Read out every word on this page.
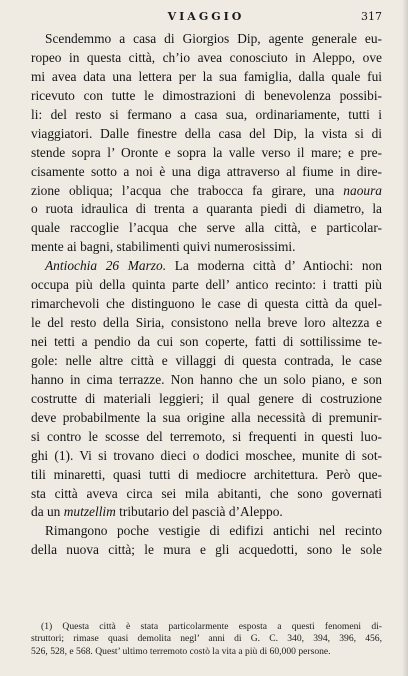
VIAGGIO	317
Scendemmo a casa di Giorgios Dip, agente generale eu-
ropeo in questa città, ch’io avea conosciuto in Aleppo, ove
mi avea data una lettera per la sua famiglia, dalla quale fui
ricevuto con tutte le dimostrazioni di benevolenza possibi-
li: del resto si fermano a casa sua, ordinariamente, tutti i
viaggiatori. Dalle finestre della casa del Dip, la vista si di
stende sopra l’ Oronte e sopra la valle verso il mare; e pre-
cisamente sotto a noi è una diga attraverso al fiume in dire-
zione obliqua; l’acqua che trabocca fa girare, una naoura
o ruota idraulica di trenta a quaranta piedi di diametro, la
quale raccoglie l’acqua che serve alla città, e particolar-
mente ai bagni, stabilimenti quivi numerosissimi.
Antiochia 26 Marzo. La moderna città d’ Antiochi: non
occupa più della quinta parte dell’ antico recinto: i tratti più
rimarchevoli che distinguono le case di questa città da quel-
le del resto della Siria, consistono nella breve loro altezza e
nei tetti a pendio da cui son coperte, fatti di sottilissime te-
gole: nelle altre città e villaggi di questa contrada, le case
hanno in cima terrazze. Non hanno che un solo piano, e son
costrutte di materiali leggieri; il qual genere di costruzione
deve probabilmente la sua origine alla necessità di premunir-
si contro le scosse del terremoto, si frequenti in questi luo-
ghi (1). Vi si trovano dieci o dodici moschee, munite di sot-
tili minaretti, quasi tutti di mediocre architettura. Però que-
sta città aveva circa sei mila abitanti, che sono governati
da un mutzellim tributario del pascià d’Aleppo.
Rimangono poche vestigie di edifizi antichi nel recinto
della nuova città; le mura e gli acquedotti, sono le sole
(1) Questa città è stata particolarmente esposta a questi fenomeni di-
struttori; rimase quasi demolita negl’ anni di G. C. 340, 394, 396, 456,
526, 528, e 568. Quest’ ultimo terremoto costò la vita a più di 60,000 persone.
